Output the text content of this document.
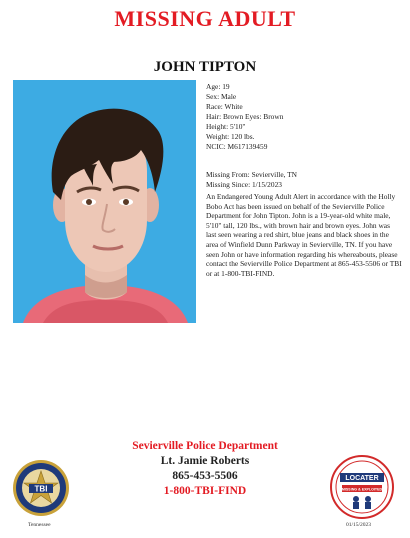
MISSING ADULT
JOHN TIPTON
Age: 19
Sex: Male
Race: White
Hair: Brown Eyes: Brown
Height: 5'10"
Weight: 120 lbs.
NCIC: M617139459
Missing From: Sevierville, TN
Missing Since: 1/15/2023
An Endangered Young Adult Alert in accordance with the Holly Bobo Act has been issued on behalf of the Sevierville Police Department for John Tipton. John is a 19-year-old white male, 5'10" tall, 120 lbs., with brown hair and brown eyes. John was last seen wearing a red shirt, blue jeans and black shoes in the area of Winfield Dunn Parkway in Sevierville, TN. If you have seen John or have information regarding his whereabouts, please contact the Sevierville Police Department at 865-453-5506 or TBI or at 1-800-TBI-FIND.
Sevierville Police Department
Lt. Jamie Roberts
865-453-5506
1-800-TBI-FIND
TBI
Tennessee
LOCATER
MISSING & EXPLOITED
01/15/2023
